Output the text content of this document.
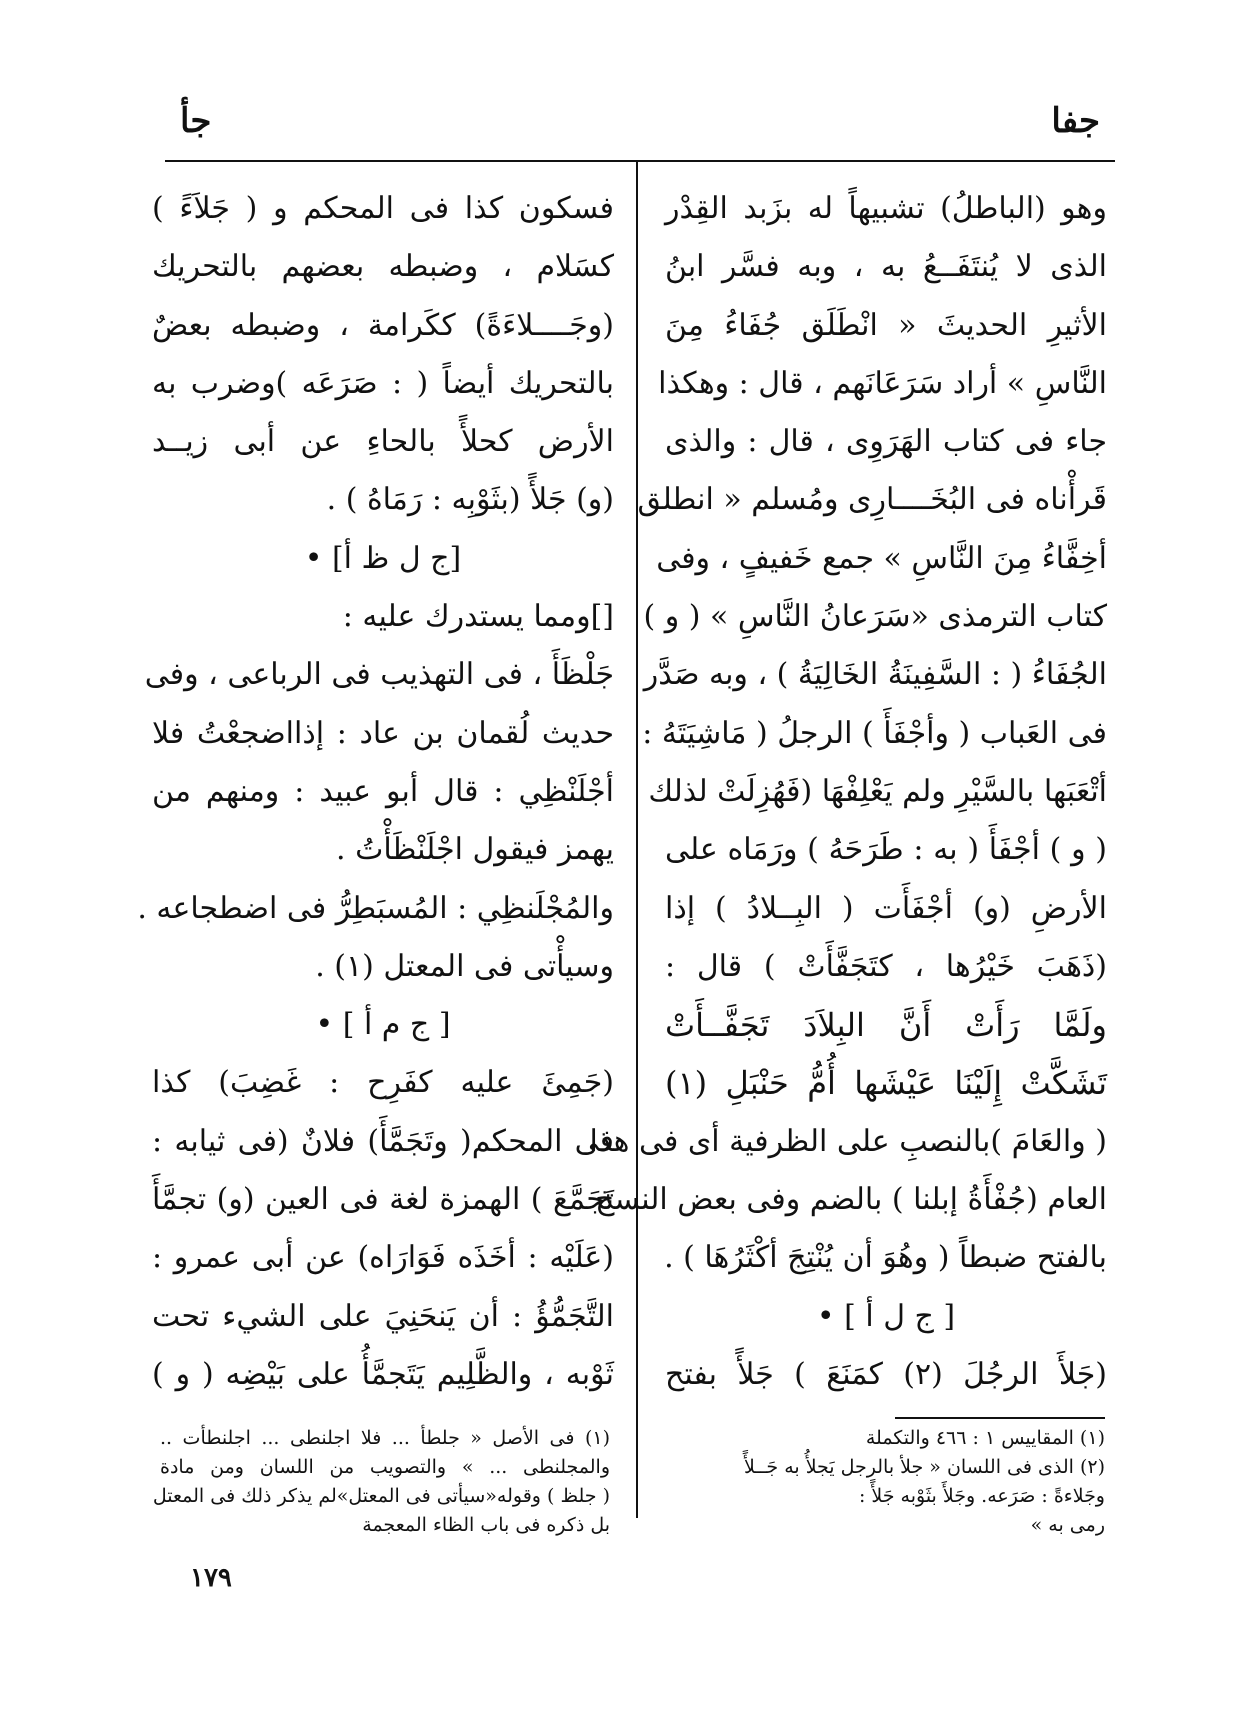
جفا
جأ
وهو (الباطلُ) تشبيهاً له بزَبد القِدْر
الذى لا يُنتَفَــعُ به ، وبه فسَّر ابنُ
الأثيرِ الحديثَ « انْطَلَق جُفَاءُ مِنَ
النَّاسِ » أراد سَرَعَانَهم ، قال : وهكذا
جاء فى كتاب الهَرَوِى ، قال : والذى
قَرأْناه فى البُخَــــارِى ومُسلم « انطلق
أخِفَّاءُ مِنَ النَّاسِ » جمع خَفيفٍ ، وفى
كتاب الترمذى «سَرَعانُ النَّاسِ » ( و )
الجُفَاءُ ( : السَّفِينَةُ الخَالِيَةُ ) ، وبه صَدَّر
فى العَباب ( وأجْفَأَ ) الرجلُ ( مَاشِيَتَهُ :
أتْعَبَها بالسَّيْرِ ولم يَعْلِفْهَا (فَهُزِلَتْ لذلك
( و ) أجْفَأَ ( به : طَرَحَهُ ) ورَمَاه على
الأرضِ (و) أجْفَأَت ( البِــلادُ ) إذا
(ذَهَبَ خَيْرُها ، كتَجَفَّأَتْ ) قال :
ولَمَّا رَأَتْ أَنَّ البِلاَدَ تَجَفَّــأَتْ
تَشَكَّتْ إِلَيْنَا عَيْشَها أُمُّ حَنْبَلِ (١)
( والعَامَ )بالنصبِ على الظرفية أى فى هذا
العام (جُفْأَةُ إبلنا ) بالضم وفى بعض النسخ
بالفتح ضبطاً ( وهُوَ أن يُنْتِجَ أكْثَرُهَا ) .
[ ج ل أ ] •
(جَلأَ الرجُلَ (٢) كمَنَعَ ) جَلأً بفتح
فسكون كذا فى المحكم و ( جَلاَءً )
كسَلام ، وضبطه بعضهم بالتحريك
(وجَــــلاءَةً) ككَرامة ، وضبطه بعضٌ
بالتحريك أيضاً ( : صَرَعَه )وضرب به
الأرض كحلأً بالحاءِ عن أبى زيــد
(و) جَلأً (بثَوْبِه : رَمَاهُ ) .
[ج ل ظ أ] •
[]ومما يستدرك عليه :
جَلْظَأَ ، فى التهذيب فى الرباعى ، وفى
حديث لُقمان بن عاد : إذااضجعْتُ فلا
أجْلَنْظِي : قال أبو عبيد : ومنهم من
يهمز فيقول اجْلَنْظَأْتُ .
والمُجْلَنظِي : المُسبَطِرُّ فى اضطجاعه .
وسيأْتى فى المعتل (١) .
[ ج م أ ] •
(جَمِئَ عليه كفَرِح : غَضِبَ) كذا
فى المحكم( وتَجَمَّأَ) فلانٌ (فى ثيابه :
تَجَمَّعَ ) الهمزة لغة فى العين (و) تجمَّأَ
(عَلَيْه : أخَذَه فَوَارَاه) عن أبى عمرو :
التَّجَمُّؤُ : أن يَنحَنِيَ على الشيء تحت
ثَوْبه ، والظَّلِيم يَتَجمَّأُ على بَيْضِه ( و )
(١) المقاييس ١ : ٤٦٦ والتكملة
(٢) الذى فى اللسان « جلأ بالرجل يَجلأُ به جَــلأً
وجَلاءةً : صَرَعه. وجَلأَ بثَوْبه جَلأً :
رمى به »
(١) فى الأصل « جلطأ ... فلا اجلنطى ... اجلنطأت ..
والمجلنطى ... » والتصويب من اللسان ومن مادة
( جلظ ) وقوله«سيأتى فى المعتل»لم يذكر ذلك فى المعتل
بل ذكره فى باب الظاء المعجمة
١٧٩
